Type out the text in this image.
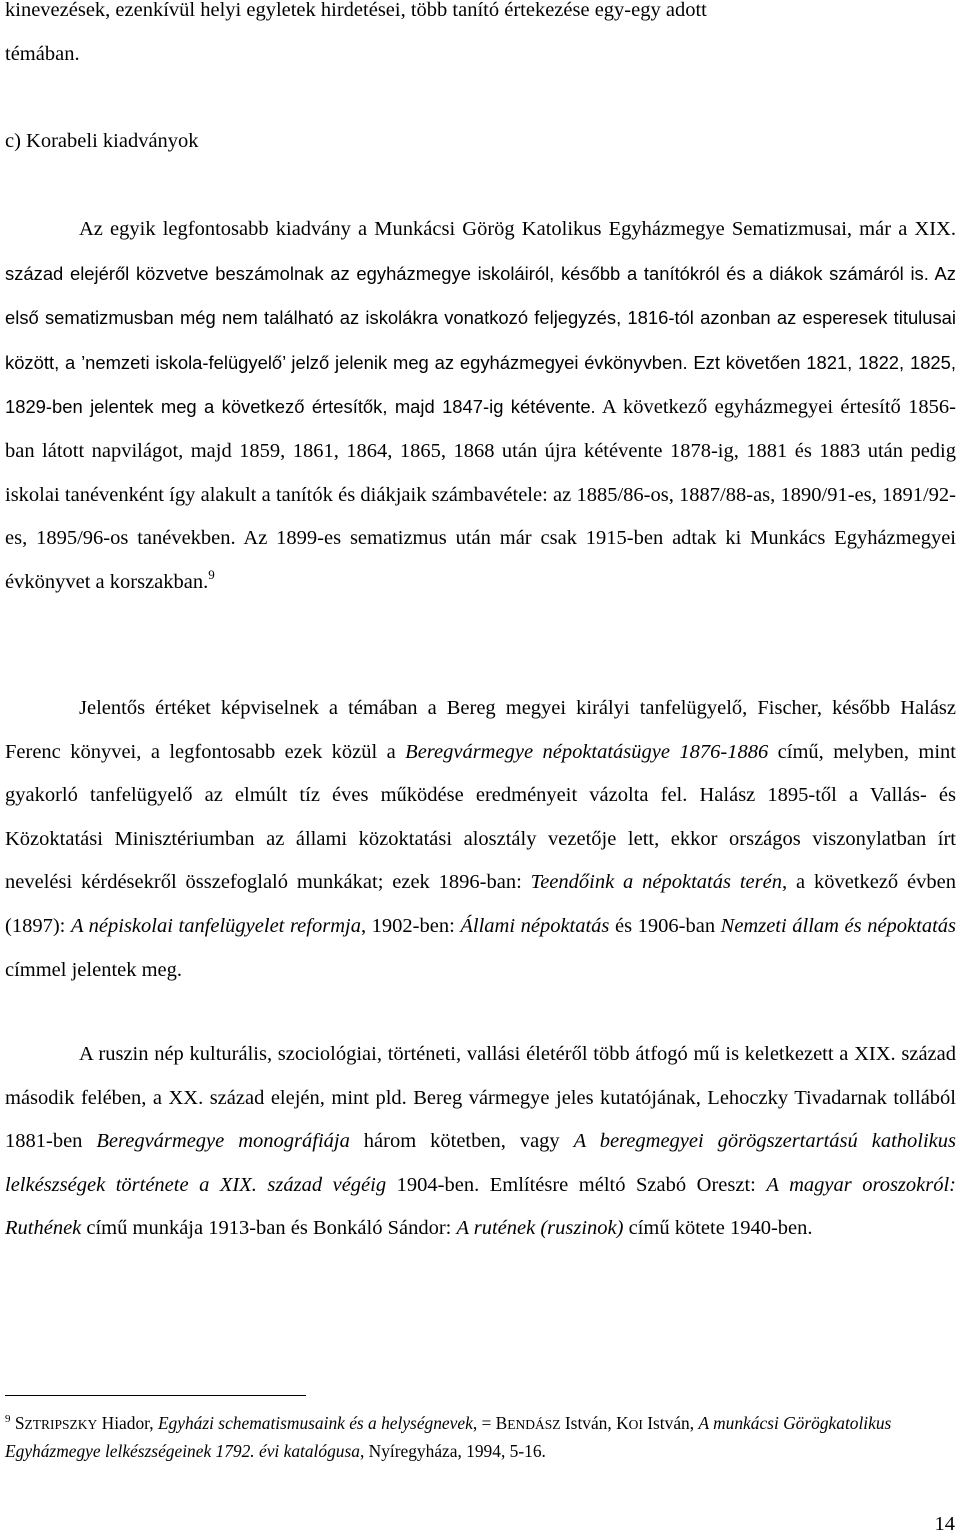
kinevezések, ezenkívül helyi egyletek hirdetései, több tanító értekezése egy-egy adott
témában.

c) Korabeli kiadványok

Az egyik legfontosabb kiadvány a Munkácsi Görög Katolikus Egyházmegye Sematizmusai, már a XIX. század elejéről közvetve beszámolnak az egyházmegye iskoláiról, később a tanítókról és a diákok számáról is. Az első sematizmusban még nem található az iskolákra vonatkozó feljegyzés, 1816-tól azonban az esperesek titulusai között, a ’nemzeti iskola-felügyelő’ jelző jelenik meg az egyházmegyei évkönyvben. Ezt követően 1821, 1822, 1825, 1829-ben jelentek meg a következő értesítők, majd 1847-ig kétévente. A következő egyházmegyei értesítő 1856-ban látott napvilágot, majd 1859, 1861, 1864, 1865, 1868 után újra kétévente 1878-ig, 1881 és 1883 után pedig iskolai tanévenként így alakult a tanítók és diákjaik számbavétele: az 1885/86-os, 1887/88-as, 1890/91-es, 1891/92-es, 1895/96-os tanévekben. Az 1899-es sematizmus után már csak 1915-ben adtak ki Munkács Egyházmegyei évkönyvet a korszakban.$^9$

Jelentős értéket képviselnek a témában a Bereg megyei királyi tanfelügyelő, Fischer, később Halász Ferenc könyvei, a legfontosabb ezek közül a Beregvármegye népoktatásügye 1876-1886 című, melyben, mint gyakorló tanfelügyelő az elmúlt tíz éves működése eredményeit vázolta fel. Halász 1895-től a Vallás- és Közoktatási Minisztériumban az állami közoktatási alosztály vezetője lett, ekkor országos viszonylatban írt nevelési kérdésekről összefoglaló munkákat; ezek 1896-ban: Teendőink a népoktatás terén, a következő évben (1897): A népiskolai tanfelügyelet reformja, 1902-ben: Állami népoktatás és 1906-ban Nemzeti állam és népoktatás címmel jelentek meg.

A ruszin nép kulturális, szociológiai, történeti, vallási életéről több átfogó mű is keletkezett a XIX. század második felében, a XX. század elején, mint pld. Bereg vármegye jeles kutatójának, Lehoczky Tivadarnak tollából 1881-ben Beregvármegye monográfiája három kötetben, vagy A beregmegyei görögszertartású katholikus lelkészségek története a XIX. század végéig 1904-ben. Említésre méltó Szabó Oreszt: A magyar oroszokról: Ruthének című munkája 1913-ban és Bonkáló Sándor: A rutének (ruszinok) című kötete 1940-ben.

$^9$ SZTRIPSZKY Hiador, Egyházi schematismusaink és a helységnevek, = BENDÁSZ István, KOI István, A munkácsi Görögkatolikus Egyházmegye lelkészségeinek 1792. évi katalógusa, Nyíregyháza, 1994, 5-16.

14
